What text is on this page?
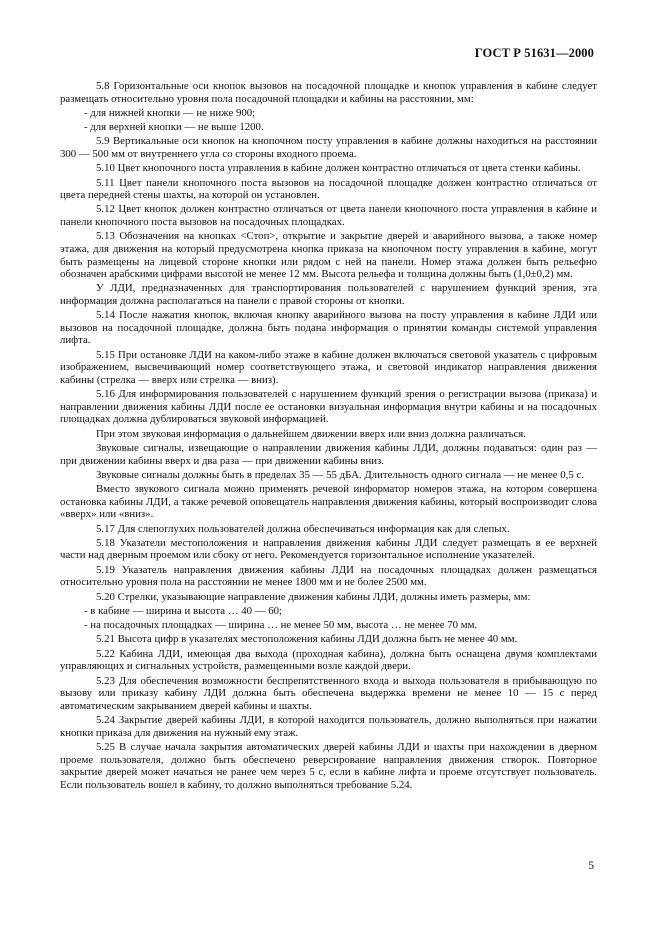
ГОСТ Р 51631—2000

5.8 Горизонтальные оси кнопок вызовов на посадочной площадке и кнопок управления в кабине следует размещать относительно уровня пола посадочной площадки и кабины на расстоянии, мм:

- для нижней кнопки — не ниже 900;

- для верхней кнопки — не выше 1200.

5.9 Вертикальные оси кнопок на кнопочном посту управления в кабине должны находиться на расстоянии 300 — 500 мм от внутреннего угла со стороны входного проема.

5.10 Цвет кнопочного поста управления в кабине должен контрастно отличаться от цвета стенки кабины.

5.11 Цвет панели кнопочного поста вызовов на посадочной площадке должен контрастно отличаться от цвета передней стены шахты, на которой он установлен.

5.12 Цвет кнопок должен контрастно отличаться от цвета панели кнопочного поста управления в кабине и панели кнопочного поста вызовов на посадочных площадках.

5.13 Обозначения на кнопках <Стоп>, открытие и закрытие дверей и аварийного вызова, а также номер этажа, для движения на который предусмотрена кнопка приказа на кнопочном посту управления в кабине, могут быть размещены на лицевой стороне кнопки или рядом с ней на панели. Номер этажа должен быть рельефно обозначен арабскими цифрами высотой не менее 12 мм. Высота рельефа и толщина должны быть (1,0±0,2) мм.

У ЛДИ, предназначенных для транспортирования пользователей с нарушением функций зрения, эта информация должна располагаться на панели с правой стороны от кнопки.

5.14 После нажатия кнопок, включая кнопку аварийного вызова на посту управления в кабине ЛДИ или вызовов на посадочной площадке, должна быть подана информация о принятии команды системой управления лифта.

5.15 При остановке ЛДИ на каком-либо этаже в кабине должен включаться световой указатель с цифровым изображением, высвечивающий номер соответствующего этажа, и световой индикатор направления движения кабины (стрелка — вверх или стрелка — вниз).

5.16 Для информирования пользователей с нарушением функций зрения о регистрации вызова (приказа) и направлении движения кабины ЛДИ после ее остановки визуальная информация внутри кабины и на посадочных площадках должна дублироваться звуковой информацией.

При этом звуковая информация о дальнейшем движении вверх или вниз должна различаться.

Звуковые сигналы, извещающие о направлении движения кабины ЛДИ, должны подаваться: один раз — при движении кабины вверх и два раза — при движении кабины вниз.

Звуковые сигналы должны быть в пределах 35 — 55 дБА. Длительность одного сигнала — не менее 0,5 с.

Вместо звукового сигнала можно применять речевой информатор номеров этажа, на котором совершена остановка кабины ЛДИ, а также речевой оповещатель направления движения кабины, который воспроизводит слова «вверх» или «вниз».

5.17 Для слепоглухих пользователей должна обеспечиваться информация как для слепых.

5.18 Указатели местоположения и направления движения кабины ЛДИ следует размещать в ее верхней части над дверным проемом или сбоку от него. Рекомендуется горизонтальное исполнение указателей.

5.19 Указатель направления движения кабины ЛДИ на посадочных площадках должен размещаться относительно уровня пола на расстоянии не менее 1800 мм и не более 2500 мм.

5.20 Стрелки, указывающие направление движения кабины ЛДИ, должны иметь размеры, мм:

- в кабине — ширина и высота … 40 — 60;

- на посадочных площадках — ширина … не менее 50 мм, высота … не менее 70 мм.

5.21 Высота цифр в указателях местоположения кабины ЛДИ должна быть не менее 40 мм.

5.22 Кабина ЛДИ, имеющая два выхода (проходная кабина), должна быть оснащена двумя комплектами управляющих и сигнальных устройств, размещенными возле каждой двери.

5.23 Для обеспечения возможности беспрепятственного входа и выхода пользователя в прибывающую по вызову или приказу кабину ЛДИ должна быть обеспечена выдержка времени не менее 10 — 15 с перед автоматическим закрыванием дверей кабины и шахты.

5.24 Закрытие дверей кабины ЛДИ, в которой находится пользователь, должно выполняться при нажатии кнопки приказа для движения на нужный ему этаж.

5.25 В случае начала закрытия автоматических дверей кабины ЛДИ и шахты при нахождении в дверном проеме пользователя, должно быть обеспечено реверсирование направления движения створок. Повторное закрытие дверей может начаться не ранее чем через 5 с, если в кабине лифта и проеме отсутствует пользователь. Если пользователь вошел в кабину, то должно выполняться требование 5.24.

5
